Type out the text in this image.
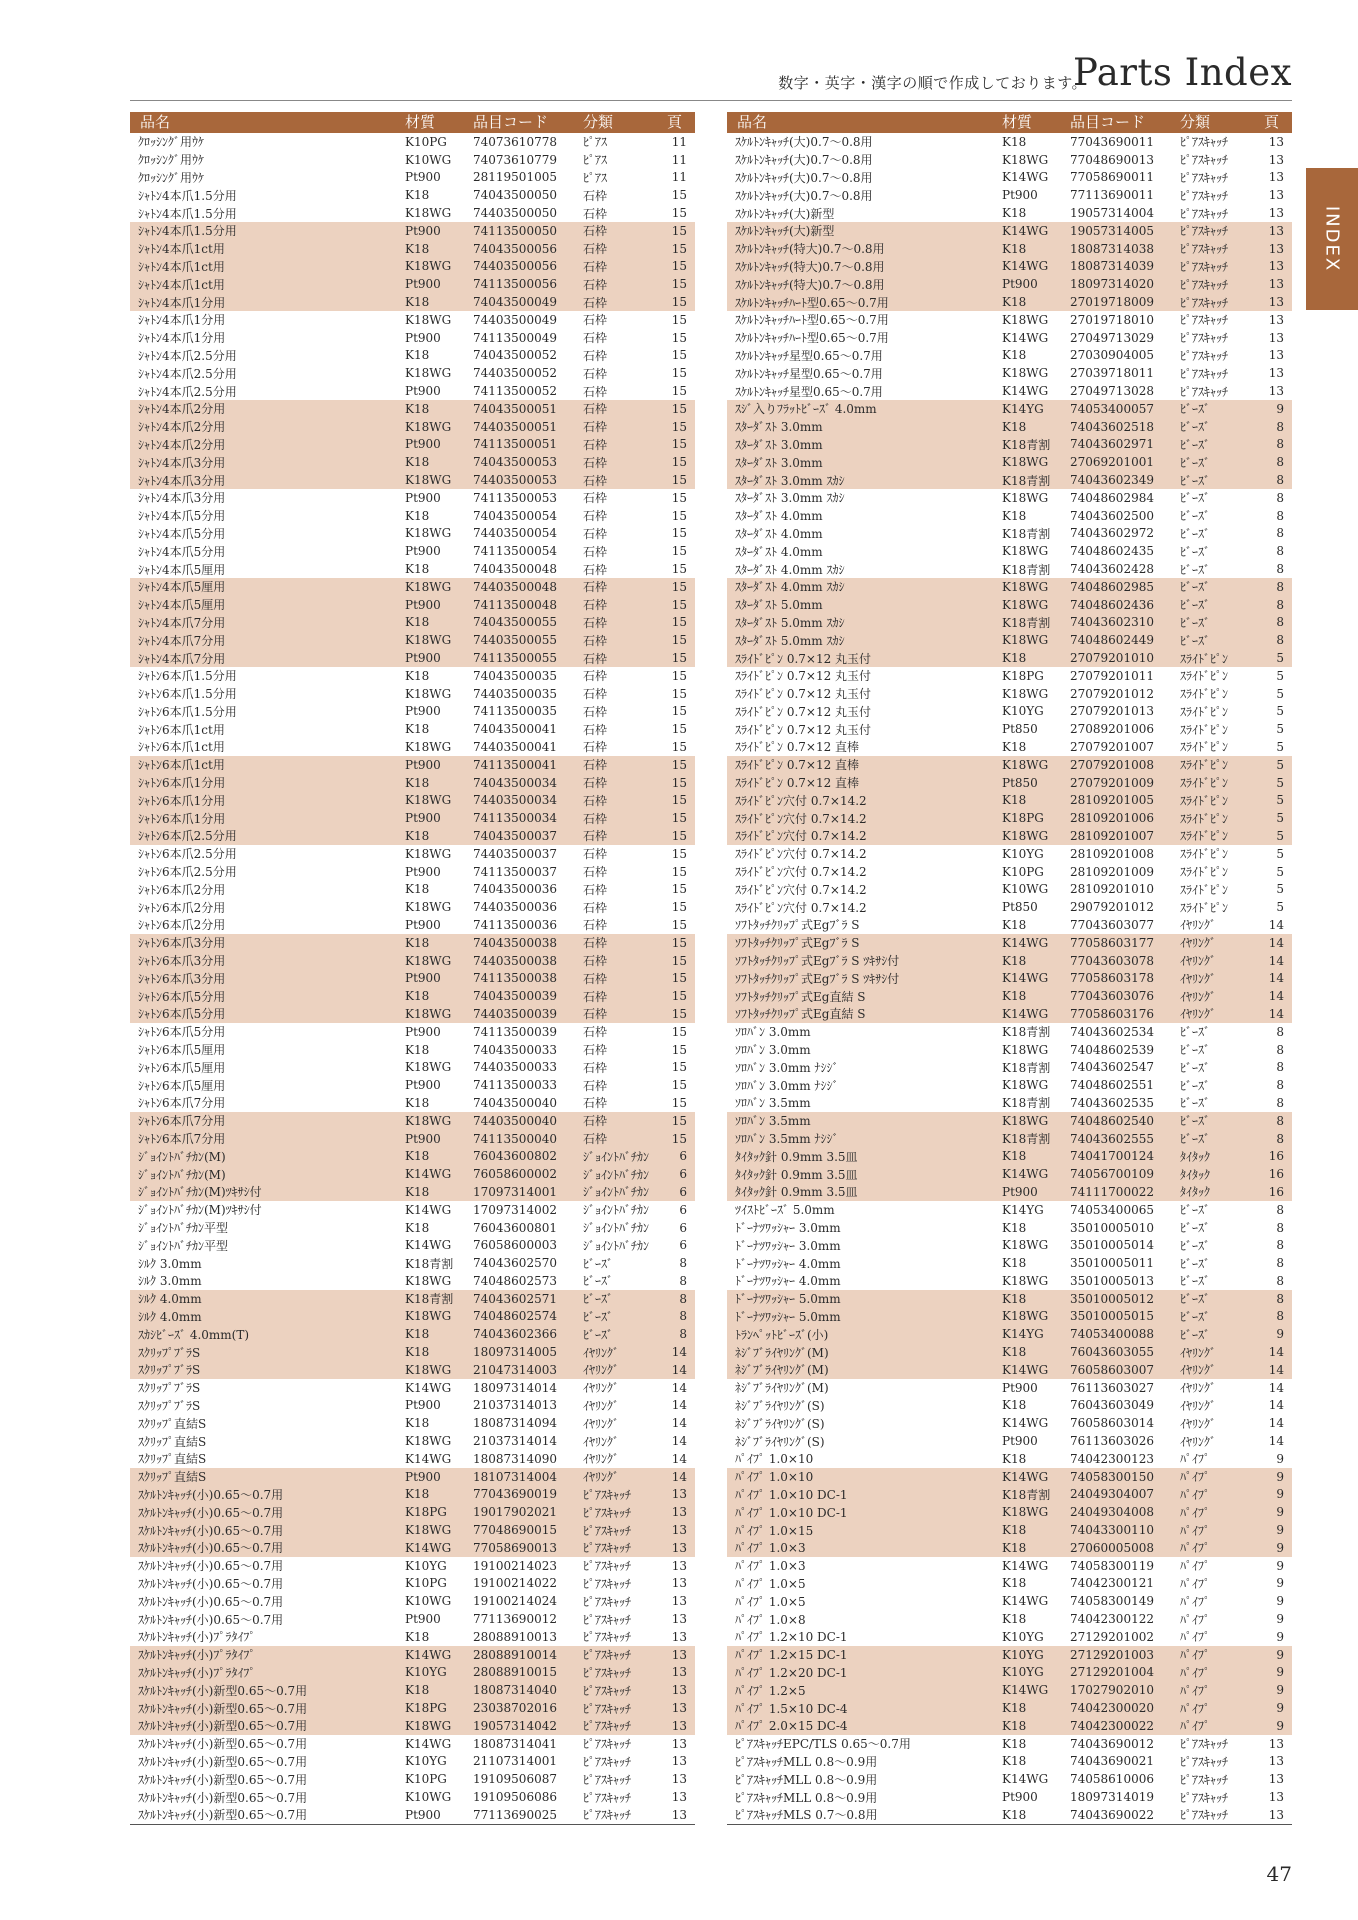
数字・英字・漢字の順で作成しております。
Parts Index
INDEX
品名	材質	品目コード	分類	頁
ｸﾛｯｼﾝｸﾞ用ｳｹ	K10PG	74073610778	ﾋﾟｱｽ	11
ｸﾛｯｼﾝｸﾞ用ｳｹ	K10WG	74073610779	ﾋﾟｱｽ	11
ｸﾛｯｼﾝｸﾞ用ｳｹ	Pt900	28119501005	ﾋﾟｱｽ	11
ｼｬﾄﾝ4本爪1.5分用	K18	74043500050	石枠	15
ｼｬﾄﾝ4本爪1.5分用	K18WG	74403500050	石枠	15
ｼｬﾄﾝ4本爪1.5分用	Pt900	74113500050	石枠	15
ｼｬﾄﾝ4本爪1ct用	K18	74043500056	石枠	15
ｼｬﾄﾝ4本爪1ct用	K18WG	74403500056	石枠	15
ｼｬﾄﾝ4本爪1ct用	Pt900	74113500056	石枠	15
ｼｬﾄﾝ4本爪1分用	K18	74043500049	石枠	15
ｼｬﾄﾝ4本爪1分用	K18WG	74403500049	石枠	15
ｼｬﾄﾝ4本爪1分用	Pt900	74113500049	石枠	15
ｼｬﾄﾝ4本爪2.5分用	K18	74043500052	石枠	15
ｼｬﾄﾝ4本爪2.5分用	K18WG	74403500052	石枠	15
ｼｬﾄﾝ4本爪2.5分用	Pt900	74113500052	石枠	15
ｼｬﾄﾝ4本爪2分用	K18	74043500051	石枠	15
ｼｬﾄﾝ4本爪2分用	K18WG	74403500051	石枠	15
ｼｬﾄﾝ4本爪2分用	Pt900	74113500051	石枠	15
ｼｬﾄﾝ4本爪3分用	K18	74043500053	石枠	15
ｼｬﾄﾝ4本爪3分用	K18WG	74403500053	石枠	15
ｼｬﾄﾝ4本爪3分用	Pt900	74113500053	石枠	15
ｼｬﾄﾝ4本爪5分用	K18	74043500054	石枠	15
ｼｬﾄﾝ4本爪5分用	K18WG	74403500054	石枠	15
ｼｬﾄﾝ4本爪5分用	Pt900	74113500054	石枠	15
ｼｬﾄﾝ4本爪5厘用	K18	74043500048	石枠	15
ｼｬﾄﾝ4本爪5厘用	K18WG	74403500048	石枠	15
ｼｬﾄﾝ4本爪5厘用	Pt900	74113500048	石枠	15
ｼｬﾄﾝ4本爪7分用	K18	74043500055	石枠	15
ｼｬﾄﾝ4本爪7分用	K18WG	74403500055	石枠	15
ｼｬﾄﾝ4本爪7分用	Pt900	74113500055	石枠	15
ｼｬﾄﾝ6本爪1.5分用	K18	74043500035	石枠	15
ｼｬﾄﾝ6本爪1.5分用	K18WG	74403500035	石枠	15
ｼｬﾄﾝ6本爪1.5分用	Pt900	74113500035	石枠	15
ｼｬﾄﾝ6本爪1ct用	K18	74043500041	石枠	15
ｼｬﾄﾝ6本爪1ct用	K18WG	74403500041	石枠	15
ｼｬﾄﾝ6本爪1ct用	Pt900	74113500041	石枠	15
ｼｬﾄﾝ6本爪1分用	K18	74043500034	石枠	15
ｼｬﾄﾝ6本爪1分用	K18WG	74403500034	石枠	15
ｼｬﾄﾝ6本爪1分用	Pt900	74113500034	石枠	15
ｼｬﾄﾝ6本爪2.5分用	K18	74043500037	石枠	15
ｼｬﾄﾝ6本爪2.5分用	K18WG	74403500037	石枠	15
ｼｬﾄﾝ6本爪2.5分用	Pt900	74113500037	石枠	15
ｼｬﾄﾝ6本爪2分用	K18	74043500036	石枠	15
ｼｬﾄﾝ6本爪2分用	K18WG	74403500036	石枠	15
ｼｬﾄﾝ6本爪2分用	Pt900	74113500036	石枠	15
ｼｬﾄﾝ6本爪3分用	K18	74043500038	石枠	15
ｼｬﾄﾝ6本爪3分用	K18WG	74403500038	石枠	15
ｼｬﾄﾝ6本爪3分用	Pt900	74113500038	石枠	15
ｼｬﾄﾝ6本爪5分用	K18	74043500039	石枠	15
ｼｬﾄﾝ6本爪5分用	K18WG	74403500039	石枠	15
ｼｬﾄﾝ6本爪5分用	Pt900	74113500039	石枠	15
ｼｬﾄﾝ6本爪5厘用	K18	74043500033	石枠	15
ｼｬﾄﾝ6本爪5厘用	K18WG	74403500033	石枠	15
ｼｬﾄﾝ6本爪5厘用	Pt900	74113500033	石枠	15
ｼｬﾄﾝ6本爪7分用	K18	74043500040	石枠	15
ｼｬﾄﾝ6本爪7分用	K18WG	74403500040	石枠	15
ｼｬﾄﾝ6本爪7分用	Pt900	74113500040	石枠	15
ｼﾞｮｲﾝﾄﾊﾞﾁｶﾝ(M)	K18	76043600802	ｼﾞｮｲﾝﾄﾊﾞﾁｶﾝ	6
ｼﾞｮｲﾝﾄﾊﾞﾁｶﾝ(M)	K14WG	76058600002	ｼﾞｮｲﾝﾄﾊﾞﾁｶﾝ	6
ｼﾞｮｲﾝﾄﾊﾞﾁｶﾝ(M)ﾂｷｻｼ付	K18	17097314001	ｼﾞｮｲﾝﾄﾊﾞﾁｶﾝ	6
ｼﾞｮｲﾝﾄﾊﾞﾁｶﾝ(M)ﾂｷｻｼ付	K14WG	17097314002	ｼﾞｮｲﾝﾄﾊﾞﾁｶﾝ	6
ｼﾞｮｲﾝﾄﾊﾞﾁｶﾝ平型	K18	76043600801	ｼﾞｮｲﾝﾄﾊﾞﾁｶﾝ	6
ｼﾞｮｲﾝﾄﾊﾞﾁｶﾝ平型	K14WG	76058600003	ｼﾞｮｲﾝﾄﾊﾞﾁｶﾝ	6
ｼﾙｸ 3.0mm	K18青割	74043602570	ﾋﾞｰｽﾞ	8
ｼﾙｸ 3.0mm	K18WG	74048602573	ﾋﾞｰｽﾞ	8
ｼﾙｸ 4.0mm	K18青割	74043602571	ﾋﾞｰｽﾞ	8
ｼﾙｸ 4.0mm	K18WG	74048602574	ﾋﾞｰｽﾞ	8
ｽｶｼﾋﾞｰｽﾞ 4.0mm(T)	K18	74043602366	ﾋﾞｰｽﾞ	8
ｽｸﾘｯﾌﾟﾌﾞﾗS	K18	18097314005	ｲﾔﾘﾝｸﾞ	14
ｽｸﾘｯﾌﾟﾌﾞﾗS	K18WG	21047314003	ｲﾔﾘﾝｸﾞ	14
ｽｸﾘｯﾌﾟﾌﾞﾗS	K14WG	18097314014	ｲﾔﾘﾝｸﾞ	14
ｽｸﾘｯﾌﾟﾌﾞﾗS	Pt900	21037314013	ｲﾔﾘﾝｸﾞ	14
ｽｸﾘｯﾌﾟ直結S	K18	18087314094	ｲﾔﾘﾝｸﾞ	14
ｽｸﾘｯﾌﾟ直結S	K18WG	21037314014	ｲﾔﾘﾝｸﾞ	14
ｽｸﾘｯﾌﾟ直結S	K14WG	18087314090	ｲﾔﾘﾝｸﾞ	14
ｽｸﾘｯﾌﾟ直結S	Pt900	18107314004	ｲﾔﾘﾝｸﾞ	14
ｽｹﾙﾄﾝｷｬｯﾁ(小)0.65～0.7用	K18	77043690019	ﾋﾟｱｽｷｬｯﾁ	13
ｽｹﾙﾄﾝｷｬｯﾁ(小)0.65～0.7用	K18PG	19017902021	ﾋﾟｱｽｷｬｯﾁ	13
ｽｹﾙﾄﾝｷｬｯﾁ(小)0.65～0.7用	K18WG	77048690015	ﾋﾟｱｽｷｬｯﾁ	13
ｽｹﾙﾄﾝｷｬｯﾁ(小)0.65～0.7用	K14WG	77058690013	ﾋﾟｱｽｷｬｯﾁ	13
ｽｹﾙﾄﾝｷｬｯﾁ(小)0.65～0.7用	K10YG	19100214023	ﾋﾟｱｽｷｬｯﾁ	13
ｽｹﾙﾄﾝｷｬｯﾁ(小)0.65～0.7用	K10PG	19100214022	ﾋﾟｱｽｷｬｯﾁ	13
ｽｹﾙﾄﾝｷｬｯﾁ(小)0.65～0.7用	K10WG	19100214024	ﾋﾟｱｽｷｬｯﾁ	13
ｽｹﾙﾄﾝｷｬｯﾁ(小)0.65～0.7用	Pt900	77113690012	ﾋﾟｱｽｷｬｯﾁ	13
ｽｹﾙﾄﾝｷｬｯﾁ(小)ﾌﾟﾗﾀｲﾌﾟ	K18	28088910013	ﾋﾟｱｽｷｬｯﾁ	13
ｽｹﾙﾄﾝｷｬｯﾁ(小)ﾌﾟﾗﾀｲﾌﾟ	K14WG	28088910014	ﾋﾟｱｽｷｬｯﾁ	13
ｽｹﾙﾄﾝｷｬｯﾁ(小)ﾌﾟﾗﾀｲﾌﾟ	K10YG	28088910015	ﾋﾟｱｽｷｬｯﾁ	13
ｽｹﾙﾄﾝｷｬｯﾁ(小)新型0.65～0.7用	K18	18087314040	ﾋﾟｱｽｷｬｯﾁ	13
ｽｹﾙﾄﾝｷｬｯﾁ(小)新型0.65～0.7用	K18PG	23038702016	ﾋﾟｱｽｷｬｯﾁ	13
ｽｹﾙﾄﾝｷｬｯﾁ(小)新型0.65～0.7用	K18WG	19057314042	ﾋﾟｱｽｷｬｯﾁ	13
ｽｹﾙﾄﾝｷｬｯﾁ(小)新型0.65～0.7用	K14WG	18087314041	ﾋﾟｱｽｷｬｯﾁ	13
ｽｹﾙﾄﾝｷｬｯﾁ(小)新型0.65～0.7用	K10YG	21107314001	ﾋﾟｱｽｷｬｯﾁ	13
ｽｹﾙﾄﾝｷｬｯﾁ(小)新型0.65～0.7用	K10PG	19109506087	ﾋﾟｱｽｷｬｯﾁ	13
ｽｹﾙﾄﾝｷｬｯﾁ(小)新型0.65～0.7用	K10WG	19109506086	ﾋﾟｱｽｷｬｯﾁ	13
ｽｹﾙﾄﾝｷｬｯﾁ(小)新型0.65～0.7用	Pt900	77113690025	ﾋﾟｱｽｷｬｯﾁ	13
品名	材質	品目コード	分類	頁
ｽｹﾙﾄﾝｷｬｯﾁ(大)0.7～0.8用	K18	77043690011	ﾋﾟｱｽｷｬｯﾁ	13
ｽｹﾙﾄﾝｷｬｯﾁ(大)0.7～0.8用	K18WG	77048690013	ﾋﾟｱｽｷｬｯﾁ	13
ｽｹﾙﾄﾝｷｬｯﾁ(大)0.7～0.8用	K14WG	77058690011	ﾋﾟｱｽｷｬｯﾁ	13
ｽｹﾙﾄﾝｷｬｯﾁ(大)0.7～0.8用	Pt900	77113690011	ﾋﾟｱｽｷｬｯﾁ	13
ｽｹﾙﾄﾝｷｬｯﾁ(大)新型	K18	19057314004	ﾋﾟｱｽｷｬｯﾁ	13
ｽｹﾙﾄﾝｷｬｯﾁ(大)新型	K14WG	19057314005	ﾋﾟｱｽｷｬｯﾁ	13
ｽｹﾙﾄﾝｷｬｯﾁ(特大)0.7～0.8用	K18	18087314038	ﾋﾟｱｽｷｬｯﾁ	13
ｽｹﾙﾄﾝｷｬｯﾁ(特大)0.7～0.8用	K14WG	18087314039	ﾋﾟｱｽｷｬｯﾁ	13
ｽｹﾙﾄﾝｷｬｯﾁ(特大)0.7～0.8用	Pt900	18097314020	ﾋﾟｱｽｷｬｯﾁ	13
ｽｹﾙﾄﾝｷｬｯﾁﾊｰﾄ型0.65～0.7用	K18	27019718009	ﾋﾟｱｽｷｬｯﾁ	13
ｽｹﾙﾄﾝｷｬｯﾁﾊｰﾄ型0.65～0.7用	K18WG	27019718010	ﾋﾟｱｽｷｬｯﾁ	13
ｽｹﾙﾄﾝｷｬｯﾁﾊｰﾄ型0.65～0.7用	K14WG	27049713029	ﾋﾟｱｽｷｬｯﾁ	13
ｽｹﾙﾄﾝｷｬｯﾁ星型0.65～0.7用	K18	27030904005	ﾋﾟｱｽｷｬｯﾁ	13
ｽｹﾙﾄﾝｷｬｯﾁ星型0.65～0.7用	K18WG	27039718011	ﾋﾟｱｽｷｬｯﾁ	13
ｽｹﾙﾄﾝｷｬｯﾁ星型0.65～0.7用	K14WG	27049713028	ﾋﾟｱｽｷｬｯﾁ	13
ｽｼﾞ入りﾌﾗｯﾄﾋﾞｰｽﾞ 4.0mm	K14YG	74053400057	ﾋﾞｰｽﾞ	9
ｽﾀｰﾀﾞｽﾄ 3.0mm	K18	74043602518	ﾋﾞｰｽﾞ	8
ｽﾀｰﾀﾞｽﾄ 3.0mm	K18青割	74043602971	ﾋﾞｰｽﾞ	8
ｽﾀｰﾀﾞｽﾄ 3.0mm	K18WG	27069201001	ﾋﾞｰｽﾞ	8
ｽﾀｰﾀﾞｽﾄ 3.0mm ｽｶｼ	K18青割	74043602349	ﾋﾞｰｽﾞ	8
ｽﾀｰﾀﾞｽﾄ 3.0mm ｽｶｼ	K18WG	74048602984	ﾋﾞｰｽﾞ	8
ｽﾀｰﾀﾞｽﾄ 4.0mm	K18	74043602500	ﾋﾞｰｽﾞ	8
ｽﾀｰﾀﾞｽﾄ 4.0mm	K18青割	74043602972	ﾋﾞｰｽﾞ	8
ｽﾀｰﾀﾞｽﾄ 4.0mm	K18WG	74048602435	ﾋﾞｰｽﾞ	8
ｽﾀｰﾀﾞｽﾄ 4.0mm ｽｶｼ	K18青割	74043602428	ﾋﾞｰｽﾞ	8
ｽﾀｰﾀﾞｽﾄ 4.0mm ｽｶｼ	K18WG	74048602985	ﾋﾞｰｽﾞ	8
ｽﾀｰﾀﾞｽﾄ 5.0mm	K18WG	74048602436	ﾋﾞｰｽﾞ	8
ｽﾀｰﾀﾞｽﾄ 5.0mm ｽｶｼ	K18青割	74043602310	ﾋﾞｰｽﾞ	8
ｽﾀｰﾀﾞｽﾄ 5.0mm ｽｶｼ	K18WG	74048602449	ﾋﾞｰｽﾞ	8
ｽﾗｲﾄﾞﾋﾟﾝ 0.7×12 丸玉付	K18	27079201010	ｽﾗｲﾄﾞﾋﾟﾝ	5
ｽﾗｲﾄﾞﾋﾟﾝ 0.7×12 丸玉付	K18PG	27079201011	ｽﾗｲﾄﾞﾋﾟﾝ	5
ｽﾗｲﾄﾞﾋﾟﾝ 0.7×12 丸玉付	K18WG	27079201012	ｽﾗｲﾄﾞﾋﾟﾝ	5
ｽﾗｲﾄﾞﾋﾟﾝ 0.7×12 丸玉付	K10YG	27079201013	ｽﾗｲﾄﾞﾋﾟﾝ	5
ｽﾗｲﾄﾞﾋﾟﾝ 0.7×12 丸玉付	Pt850	27089201006	ｽﾗｲﾄﾞﾋﾟﾝ	5
ｽﾗｲﾄﾞﾋﾟﾝ 0.7×12 直棒	K18	27079201007	ｽﾗｲﾄﾞﾋﾟﾝ	5
ｽﾗｲﾄﾞﾋﾟﾝ 0.7×12 直棒	K18WG	27079201008	ｽﾗｲﾄﾞﾋﾟﾝ	5
ｽﾗｲﾄﾞﾋﾟﾝ 0.7×12 直棒	Pt850	27079201009	ｽﾗｲﾄﾞﾋﾟﾝ	5
ｽﾗｲﾄﾞﾋﾟﾝ穴付 0.7×14.2	K18	28109201005	ｽﾗｲﾄﾞﾋﾟﾝ	5
ｽﾗｲﾄﾞﾋﾟﾝ穴付 0.7×14.2	K18PG	28109201006	ｽﾗｲﾄﾞﾋﾟﾝ	5
ｽﾗｲﾄﾞﾋﾟﾝ穴付 0.7×14.2	K18WG	28109201007	ｽﾗｲﾄﾞﾋﾟﾝ	5
ｽﾗｲﾄﾞﾋﾟﾝ穴付 0.7×14.2	K10YG	28109201008	ｽﾗｲﾄﾞﾋﾟﾝ	5
ｽﾗｲﾄﾞﾋﾟﾝ穴付 0.7×14.2	K10PG	28109201009	ｽﾗｲﾄﾞﾋﾟﾝ	5
ｽﾗｲﾄﾞﾋﾟﾝ穴付 0.7×14.2	K10WG	28109201010	ｽﾗｲﾄﾞﾋﾟﾝ	5
ｽﾗｲﾄﾞﾋﾟﾝ穴付 0.7×14.2	Pt850	29079201012	ｽﾗｲﾄﾞﾋﾟﾝ	5
ｿﾌﾄﾀｯﾁｸﾘｯﾌﾟ式Egﾌﾞﾗ S	K18	77043603077	ｲﾔﾘﾝｸﾞ	14
ｿﾌﾄﾀｯﾁｸﾘｯﾌﾟ式Egﾌﾞﾗ S	K14WG	77058603177	ｲﾔﾘﾝｸﾞ	14
ｿﾌﾄﾀｯﾁｸﾘｯﾌﾟ式Egﾌﾞﾗ S ﾂｷｻｼ付	K18	77043603078	ｲﾔﾘﾝｸﾞ	14
ｿﾌﾄﾀｯﾁｸﾘｯﾌﾟ式Egﾌﾞﾗ S ﾂｷｻｼ付	K14WG	77058603178	ｲﾔﾘﾝｸﾞ	14
ｿﾌﾄﾀｯﾁｸﾘｯﾌﾟ式Eg直結 S	K18	77043603076	ｲﾔﾘﾝｸﾞ	14
ｿﾌﾄﾀｯﾁｸﾘｯﾌﾟ式Eg直結 S	K14WG	77058603176	ｲﾔﾘﾝｸﾞ	14
ｿﾛﾊﾞﾝ 3.0mm	K18青割	74043602534	ﾋﾞｰｽﾞ	8
ｿﾛﾊﾞﾝ 3.0mm	K18WG	74048602539	ﾋﾞｰｽﾞ	8
ｿﾛﾊﾞﾝ 3.0mm ﾅｼｼﾞ	K18青割	74043602547	ﾋﾞｰｽﾞ	8
ｿﾛﾊﾞﾝ 3.0mm ﾅｼｼﾞ	K18WG	74048602551	ﾋﾞｰｽﾞ	8
ｿﾛﾊﾞﾝ 3.5mm	K18青割	74043602535	ﾋﾞｰｽﾞ	8
ｿﾛﾊﾞﾝ 3.5mm	K18WG	74048602540	ﾋﾞｰｽﾞ	8
ｿﾛﾊﾞﾝ 3.5mm ﾅｼｼﾞ	K18青割	74043602555	ﾋﾞｰｽﾞ	8
ﾀｲﾀｯｸ針 0.9mm 3.5皿	K18	74041700124	ﾀｲﾀｯｸ	16
ﾀｲﾀｯｸ針 0.9mm 3.5皿	K14WG	74056700109	ﾀｲﾀｯｸ	16
ﾀｲﾀｯｸ針 0.9mm 3.5皿	Pt900	74111700022	ﾀｲﾀｯｸ	16
ﾂｲｽﾄﾋﾞｰｽﾞ 5.0mm	K14YG	74053400065	ﾋﾞｰｽﾞ	8
ﾄﾞｰﾅﾂﾜｯｼｬｰ 3.0mm	K18	35010005010	ﾋﾞｰｽﾞ	8
ﾄﾞｰﾅﾂﾜｯｼｬｰ 3.0mm	K18WG	35010005014	ﾋﾞｰｽﾞ	8
ﾄﾞｰﾅﾂﾜｯｼｬｰ 4.0mm	K18	35010005011	ﾋﾞｰｽﾞ	8
ﾄﾞｰﾅﾂﾜｯｼｬｰ 4.0mm	K18WG	35010005013	ﾋﾞｰｽﾞ	8
ﾄﾞｰﾅﾂﾜｯｼｬｰ 5.0mm	K18	35010005012	ﾋﾞｰｽﾞ	8
ﾄﾞｰﾅﾂﾜｯｼｬｰ 5.0mm	K18WG	35010005015	ﾋﾞｰｽﾞ	8
ﾄﾗﾝﾍﾟｯﾄﾋﾞｰｽﾞ(小)	K14YG	74053400088	ﾋﾞｰｽﾞ	9
ﾈｼﾞﾌﾞﾗｲﾔﾘﾝｸﾞ(M)	K18	76043603055	ｲﾔﾘﾝｸﾞ	14
ﾈｼﾞﾌﾞﾗｲﾔﾘﾝｸﾞ(M)	K14WG	76058603007	ｲﾔﾘﾝｸﾞ	14
ﾈｼﾞﾌﾞﾗｲﾔﾘﾝｸﾞ(M)	Pt900	76113603027	ｲﾔﾘﾝｸﾞ	14
ﾈｼﾞﾌﾞﾗｲﾔﾘﾝｸﾞ(S)	K18	76043603049	ｲﾔﾘﾝｸﾞ	14
ﾈｼﾞﾌﾞﾗｲﾔﾘﾝｸﾞ(S)	K14WG	76058603014	ｲﾔﾘﾝｸﾞ	14
ﾈｼﾞﾌﾞﾗｲﾔﾘﾝｸﾞ(S)	Pt900	76113603026	ｲﾔﾘﾝｸﾞ	14
ﾊﾟｲﾌﾟ 1.0×10	K18	74042300123	ﾊﾟｲﾌﾟ	9
ﾊﾟｲﾌﾟ 1.0×10	K14WG	74058300150	ﾊﾟｲﾌﾟ	9
ﾊﾟｲﾌﾟ 1.0×10 DC-1	K18青割	24049304007	ﾊﾟｲﾌﾟ	9
ﾊﾟｲﾌﾟ 1.0×10 DC-1	K18WG	24049304008	ﾊﾟｲﾌﾟ	9
ﾊﾟｲﾌﾟ 1.0×15	K18	74043300110	ﾊﾟｲﾌﾟ	9
ﾊﾟｲﾌﾟ 1.0×3	K18	27060005008	ﾊﾟｲﾌﾟ	9
ﾊﾟｲﾌﾟ 1.0×3	K14WG	74058300119	ﾊﾟｲﾌﾟ	9
ﾊﾟｲﾌﾟ 1.0×5	K18	74042300121	ﾊﾟｲﾌﾟ	9
ﾊﾟｲﾌﾟ 1.0×5	K14WG	74058300149	ﾊﾟｲﾌﾟ	9
ﾊﾟｲﾌﾟ 1.0×8	K18	74042300122	ﾊﾟｲﾌﾟ	9
ﾊﾟｲﾌﾟ 1.2×10 DC-1	K10YG	27129201002	ﾊﾟｲﾌﾟ	9
ﾊﾟｲﾌﾟ 1.2×15 DC-1	K10YG	27129201003	ﾊﾟｲﾌﾟ	9
ﾊﾟｲﾌﾟ 1.2×20 DC-1	K10YG	27129201004	ﾊﾟｲﾌﾟ	9
ﾊﾟｲﾌﾟ 1.2×5	K14WG	17027902010	ﾊﾟｲﾌﾟ	9
ﾊﾟｲﾌﾟ 1.5×10 DC-4	K18	74042300020	ﾊﾟｲﾌﾟ	9
ﾊﾟｲﾌﾟ 2.0×15 DC-4	K18	74042300022	ﾊﾟｲﾌﾟ	9
ﾋﾟｱｽｷｬｯﾁEPC/TLS 0.65～0.7用	K18	74043690012	ﾋﾟｱｽｷｬｯﾁ	13
ﾋﾟｱｽｷｬｯﾁMLL 0.8～0.9用	K18	74043690021	ﾋﾟｱｽｷｬｯﾁ	13
ﾋﾟｱｽｷｬｯﾁMLL 0.8～0.9用	K14WG	74058610006	ﾋﾟｱｽｷｬｯﾁ	13
ﾋﾟｱｽｷｬｯﾁMLL 0.8～0.9用	Pt900	18097314019	ﾋﾟｱｽｷｬｯﾁ	13
ﾋﾟｱｽｷｬｯﾁMLS 0.7～0.8用	K18	74043690022	ﾋﾟｱｽｷｬｯﾁ	13
47
